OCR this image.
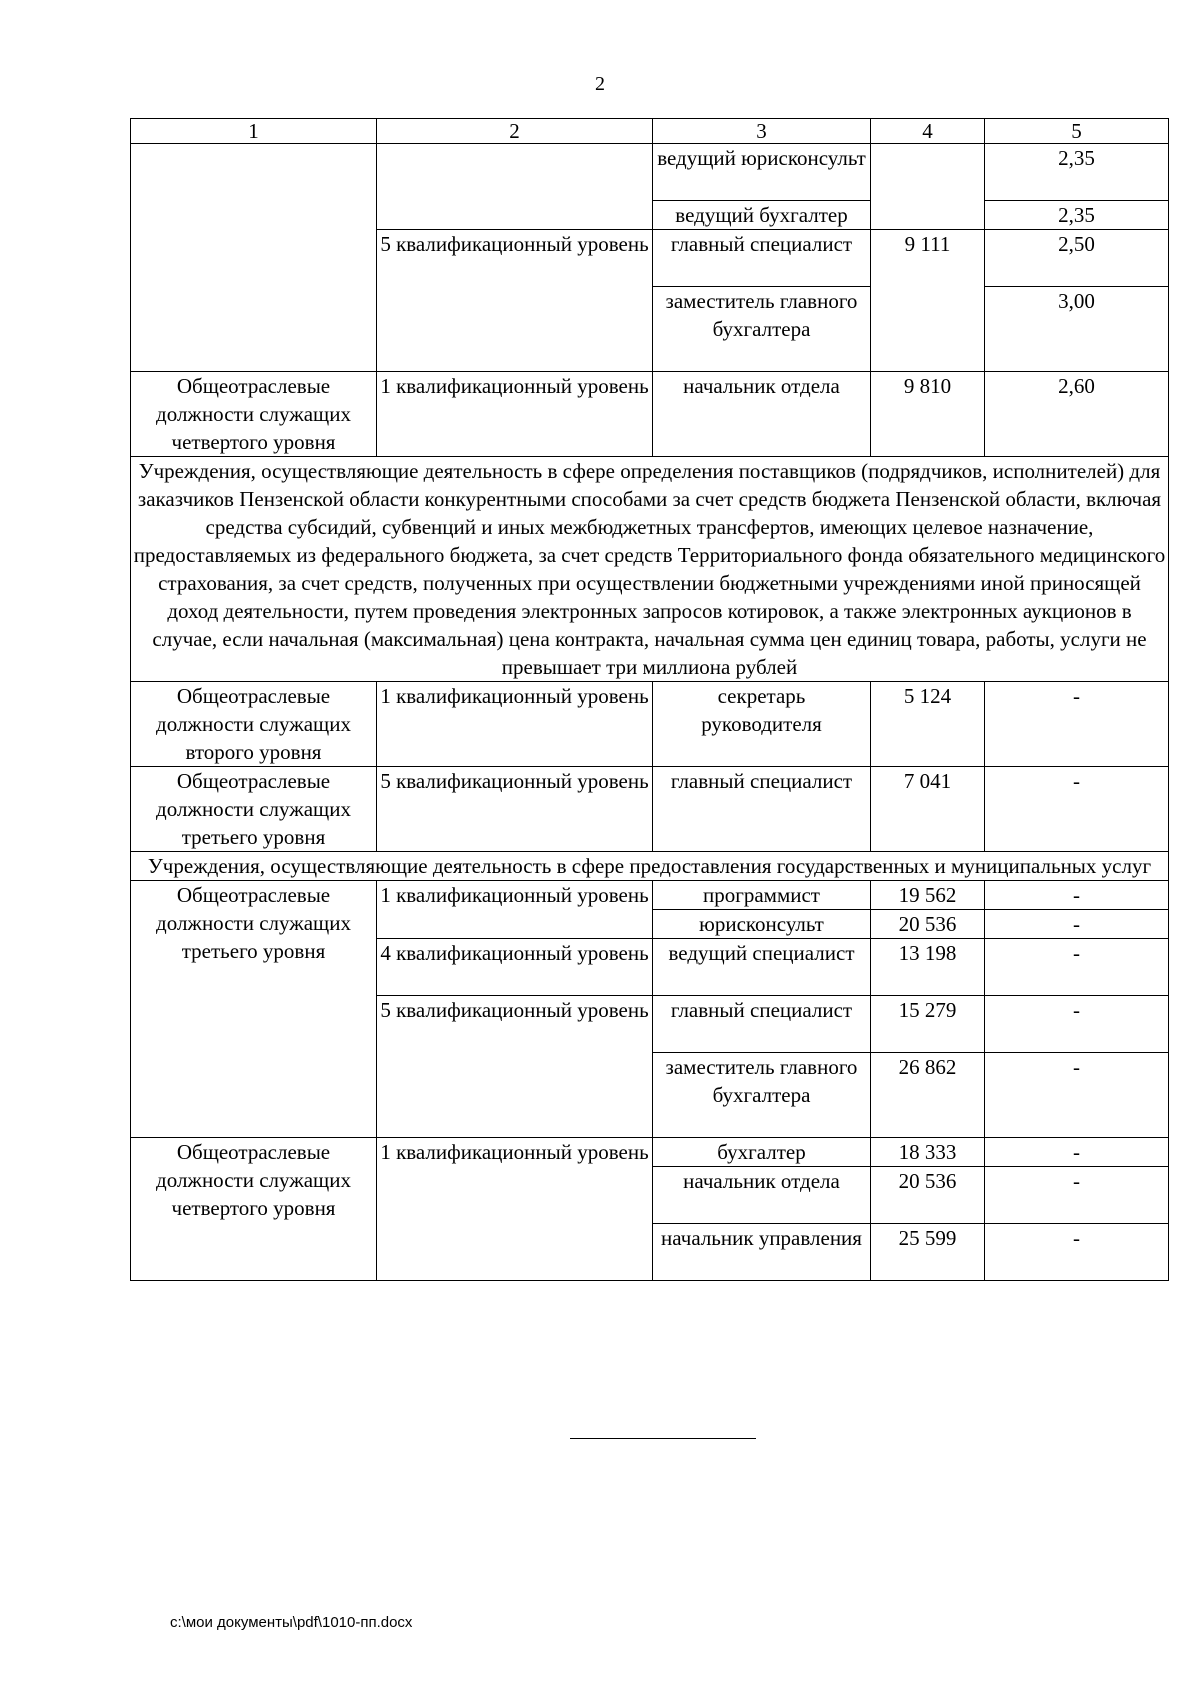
2
1	2	3	4	5
		ведущий юрисконсульт		2,35
		ведущий бухгалтер		2,35
	5 квалификационный уровень	главный специалист	9 111	2,50
		заместитель главного бухгалтера		3,00
Общеотраслевые должности служащих четвертого уровня	1 квалификационный уровень	начальник отдела	9 810	2,60
Учреждения, осуществляющие деятельность в сфере определения поставщиков (подрядчиков, исполнителей) для заказчиков Пензенской области конкурентными способами за счет средств бюджета Пензенской области, включая средства субсидий, субвенций и иных межбюджетных трансфертов, имеющих целевое назначение, предоставляемых из федерального бюджета, за счет средств Территориального фонда обязательного медицинского страхования, за счет средств, полученных при осуществлении бюджетными учреждениями иной приносящей доход деятельности, путем проведения электронных запросов котировок, а также электронных аукционов в случае, если начальная (максимальная) цена контракта, начальная сумма цен единиц товара, работы, услуги не превышает три миллиона рублей				
Общеотраслевые должности служащих второго уровня	1 квалификационный уровень	секретарь руководителя	5 124	-
Общеотраслевые должности служащих третьего уровня	5 квалификационный уровень	главный специалист	7 041	-
Учреждения, осуществляющие деятельность в сфере предоставления государственных и муниципальных услуг				
Общеотраслевые должности служащих третьего уровня	1 квалификационный уровень	программист	19 562	-
		юрисконсульт	20 536	-
	4 квалификационный уровень	ведущий специалист	13 198	-
	5 квалификационный уровень	главный специалист	15 279	-
		заместитель главного бухгалтера	26 862	-
Общеотраслевые должности служащих четвертого уровня	1 квалификационный уровень	бухгалтер	18 333	-
		начальник отдела	20 536	-
		начальник управления	25 599	-
c:\мои документы\pdf\1010-пп.docx
